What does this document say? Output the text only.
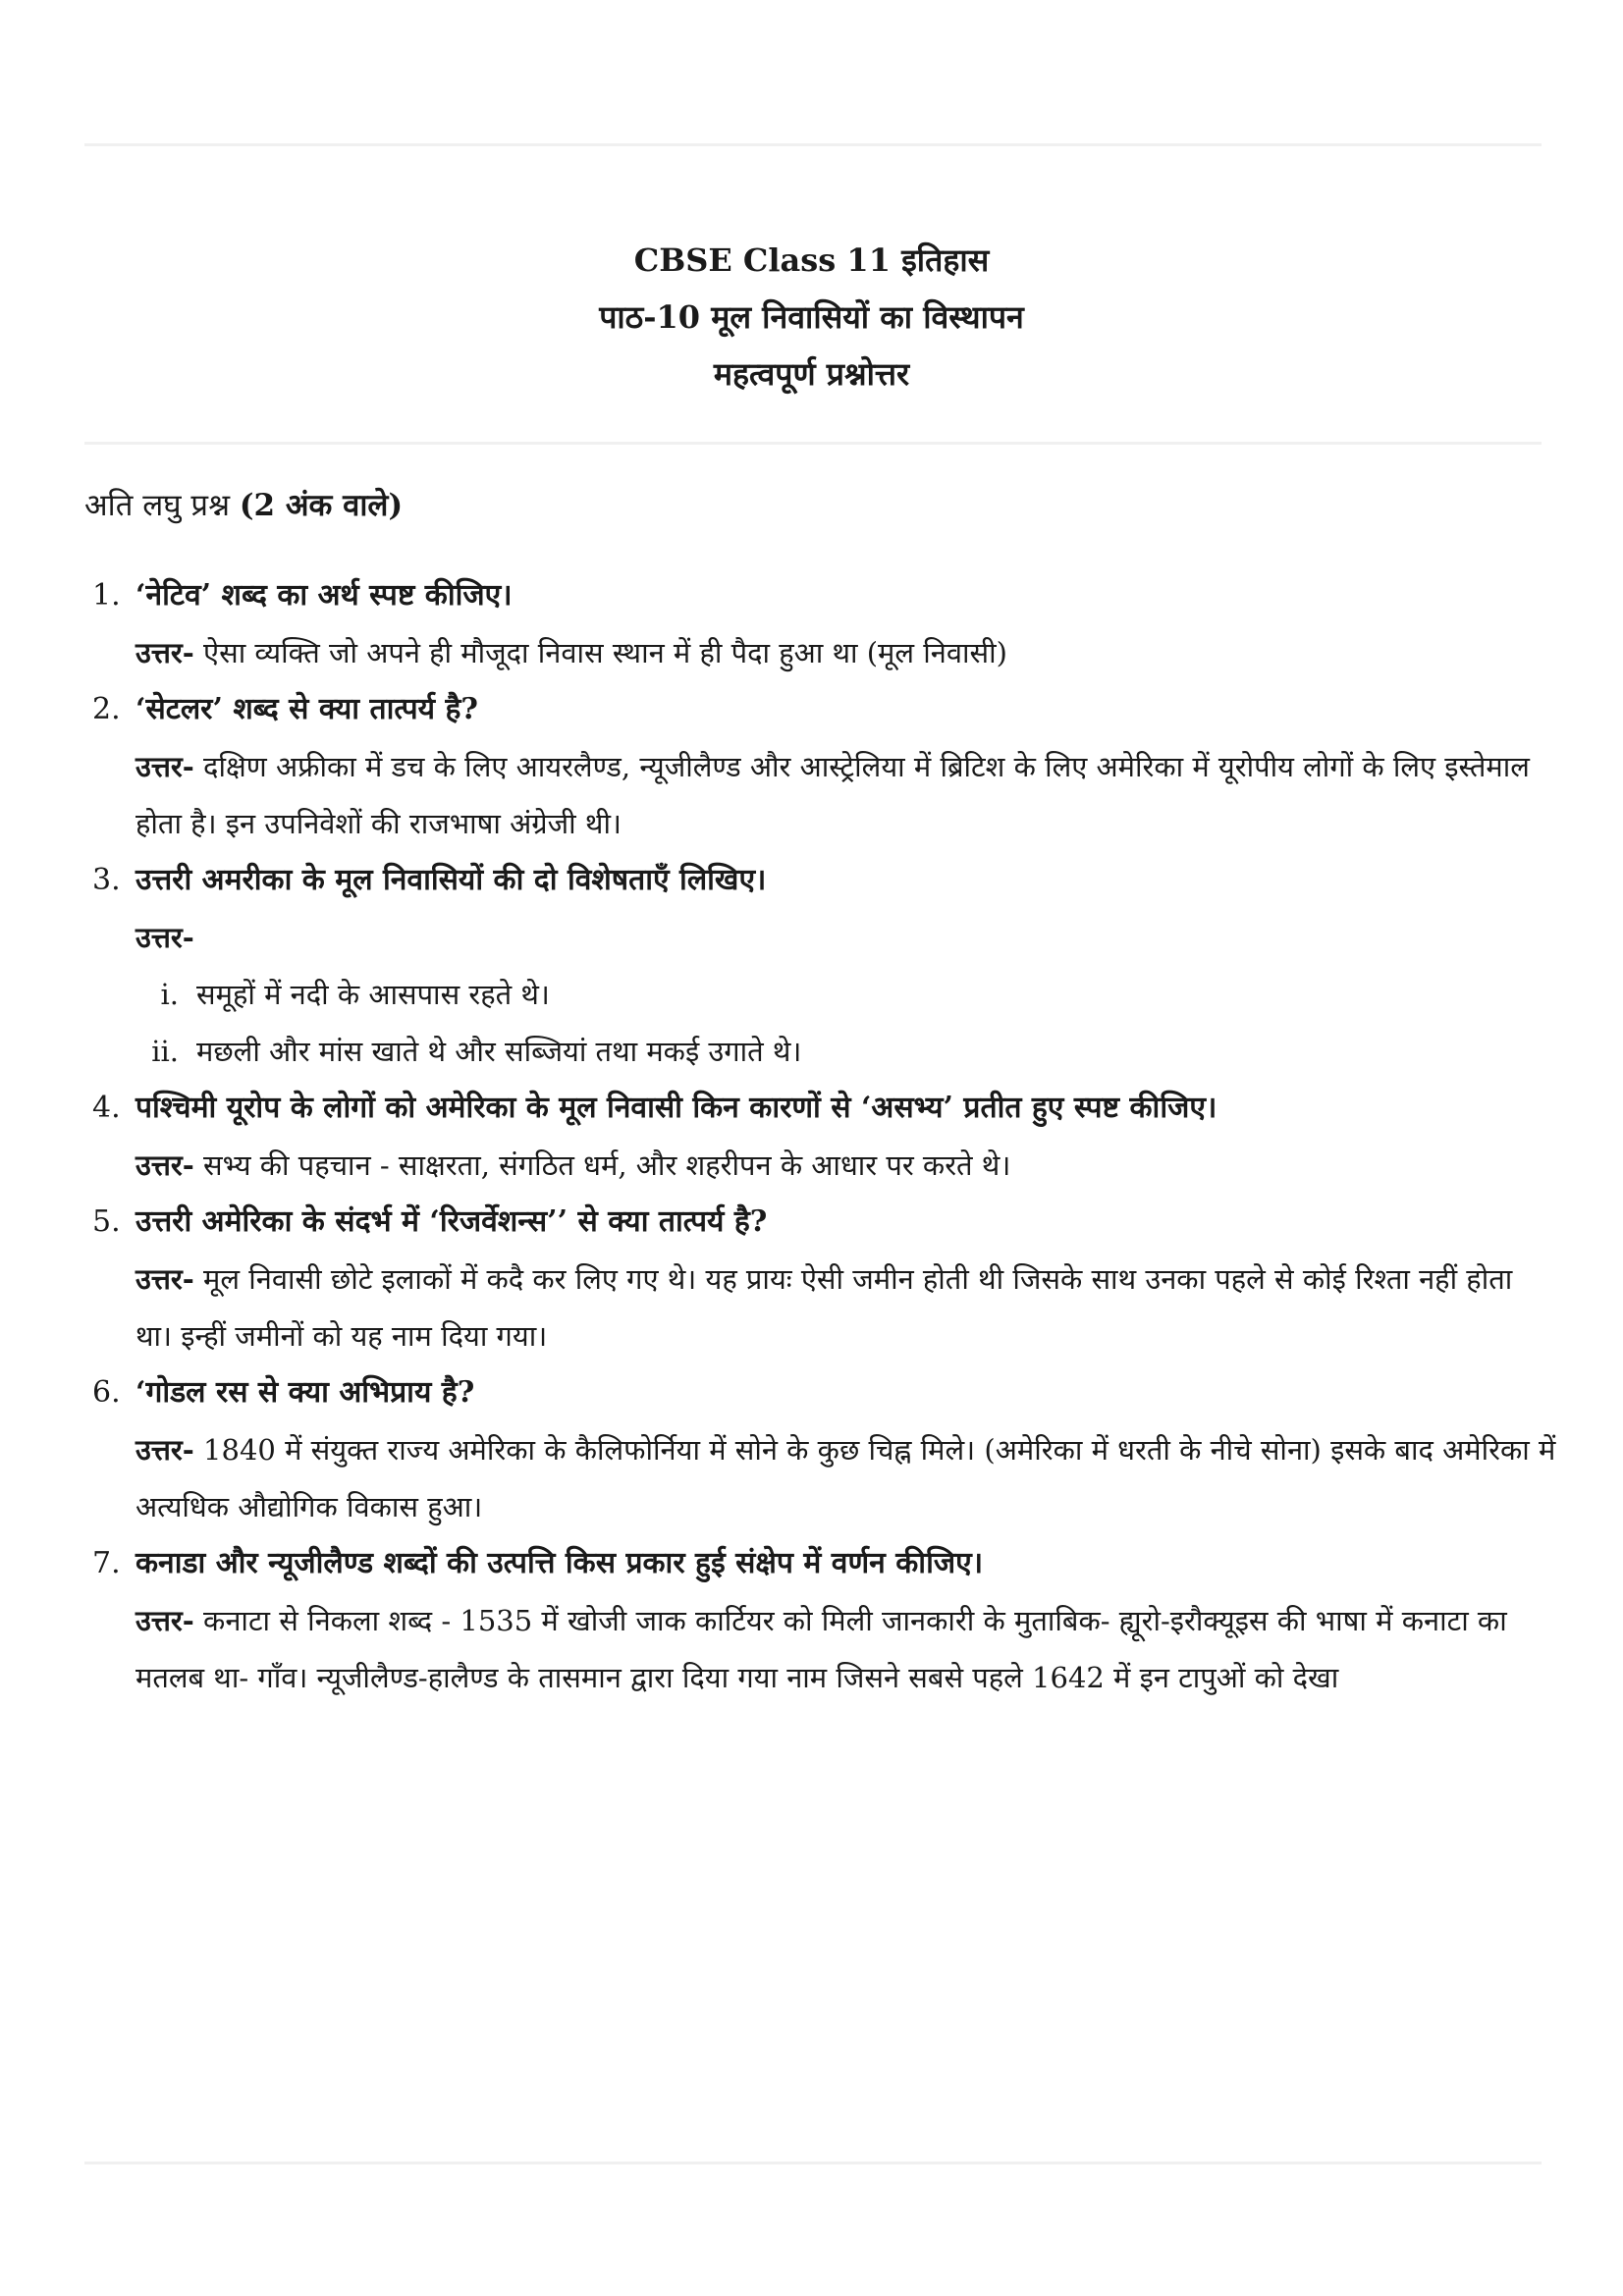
CBSE Class 11 इतिहास
पाठ-10 मूल निवासियों का विस्थापन
महत्वपूर्ण प्रश्नोत्तर
अति लघु प्रश्न (2 अंक वाले)
1. ‘नेटिव’ शब्द का अर्थ स्पष्ट कीजिए।

उत्तर- ऐसा व्यक्ति जो अपने ही मौजूदा निवास स्थान में ही पैदा हुआ था (मूल निवासी)

2. ‘सेटलर’ शब्द से क्या तात्पर्य है?

उत्तर- दक्षिण अफ्रीका में डच के लिए आयरलैण्ड, न्यूजीलैण्ड और आस्ट्रेलिया में ब्रिटिश के लिए अमेरिका में यूरोपीय लोगों के लिए इस्तेमाल होता है। इन उपनिवेशों की राजभाषा अंग्रेजी थी।

3. उत्तरी अमरीका के मूल निवासियों की दो विशेषताएँ लिखिए।

उत्तर-

i. समूहों में नदी के आसपास रहते थे।
ii. मछली और मांस खाते थे और सब्जियां तथा मकई उगाते थे।
4. पश्चिमी यूरोप के लोगों को अमेरिका के मूल निवासी किन कारणों से ‘असभ्य’ प्रतीत हुए स्पष्ट कीजिए।

उत्तर- सभ्य की पहचान - साक्षरता, संगठित धर्म, और शहरीपन के आधार पर करते थे।

5. उत्तरी अमेरिका के संदर्भ में ‘रिजर्वेशन्स’’ से क्या तात्पर्य है?

उत्तर- मूल निवासी छोटे इलाकों में कदै कर लिए गए थे। यह प्रायः ऐसी जमीन होती थी जिसके साथ उनका पहले से कोई रिश्ता नहीं होता था। इन्हीं जमीनों को यह नाम दिया गया।

6. ‘गोडल रस से क्या अभिप्राय है?

उत्तर- 1840 में संयुक्त राज्य अमेरिका के कैलिफोर्निया में सोने के कुछ चिह्न मिले। (अमेरिका में धरती के नीचे सोना) इसके बाद अमेरिका में अत्यधिक औद्योगिक विकास हुआ।

7. कनाडा और न्यूजीलैण्ड शब्दों की उत्पत्ति किस प्रकार हुई संक्षेप में वर्णन कीजिए।

उत्तर- कनाटा से निकला शब्द - 1535 में खोजी जाक कार्टियर को मिली जानकारी के मुताबिक- ह्यूरो-इरौक्यूइस की भाषा में कनाटा का मतलब था- गाँव। न्यूजीलैण्ड-हालैण्ड के तासमान द्वारा दिया गया नाम जिसने सबसे पहले 1642 में इन टापुओं को देखा
